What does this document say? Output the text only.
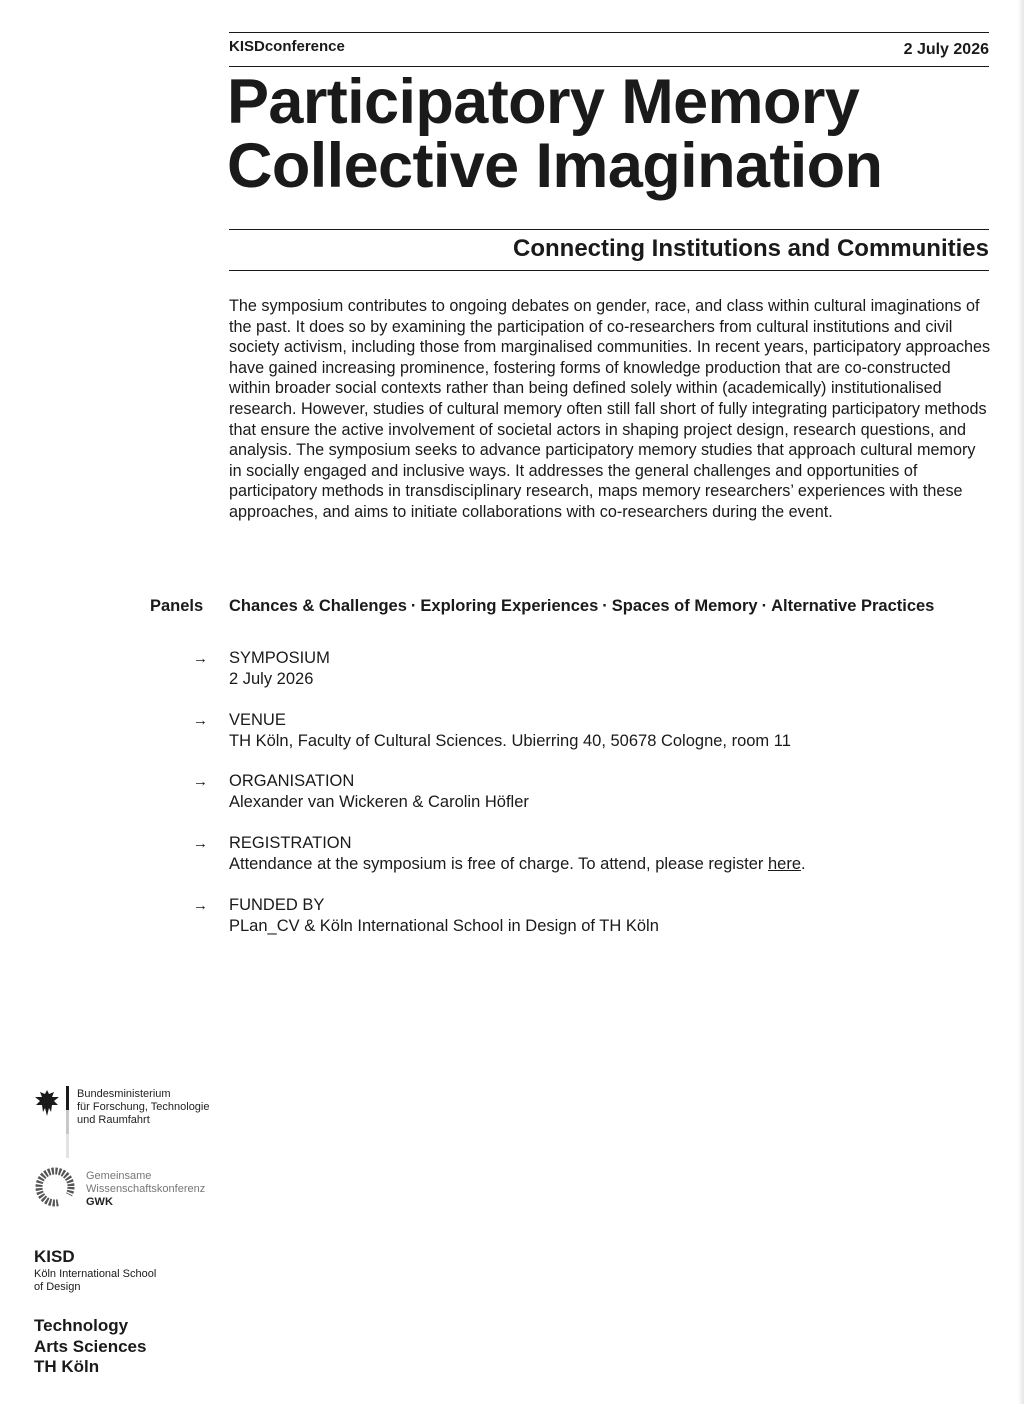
KISDconference	2 July 2026
Participatory Memory
Collective Imagination
Connecting Institutions and Communities

The symposium contributes to ongoing debates on gender, race, and class within cultural imaginations of the past. It does so by examining the participation of co-researchers from cultural institutions and civil society activism, including those from marginalised communities. In recent years, participatory approaches have gained increasing prominence, fostering forms of knowledge production that are co-constructed within broader social contexts rather than being defined solely within (academically) institutionalised research. However, studies of cultural memory often still fall short of fully integrating participatory methods that ensure the active involvement of societal actors in shaping project design, research questions, and analysis. The symposium seeks to advance participatory memory studies that approach cultural memory in socially engaged and inclusive ways. It addresses the general challenges and opportunities of participatory methods in transdisciplinary research, maps memory researchers’ experiences with these approaches, and aims to initiate collaborations with co-researchers during the event.

Panels Chances & Challenges · Exploring Experiences · Spaces of Memory · Alternative Practices
→ SYMPOSIUM
2 July 2026
→ VENUE
TH Köln, Faculty of Cultural Sciences. Ubierring 40, 50678 Cologne, room 11
→ ORGANISATION
Alexander van Wickeren & Carolin Höfler
→ REGISTRATION
Attendance at the symposium is free of charge. To attend, please register here.
→ FUNDED BY
PLan_CV & Köln International School in Design of TH Köln
Bundesministerium
für Forschung, Technologie
und Raumfahrt
Gemeinsame
Wissenschaftskonferenz
GWK
KISD
Köln International School
of Design
Technology
Arts Sciences
TH Köln
